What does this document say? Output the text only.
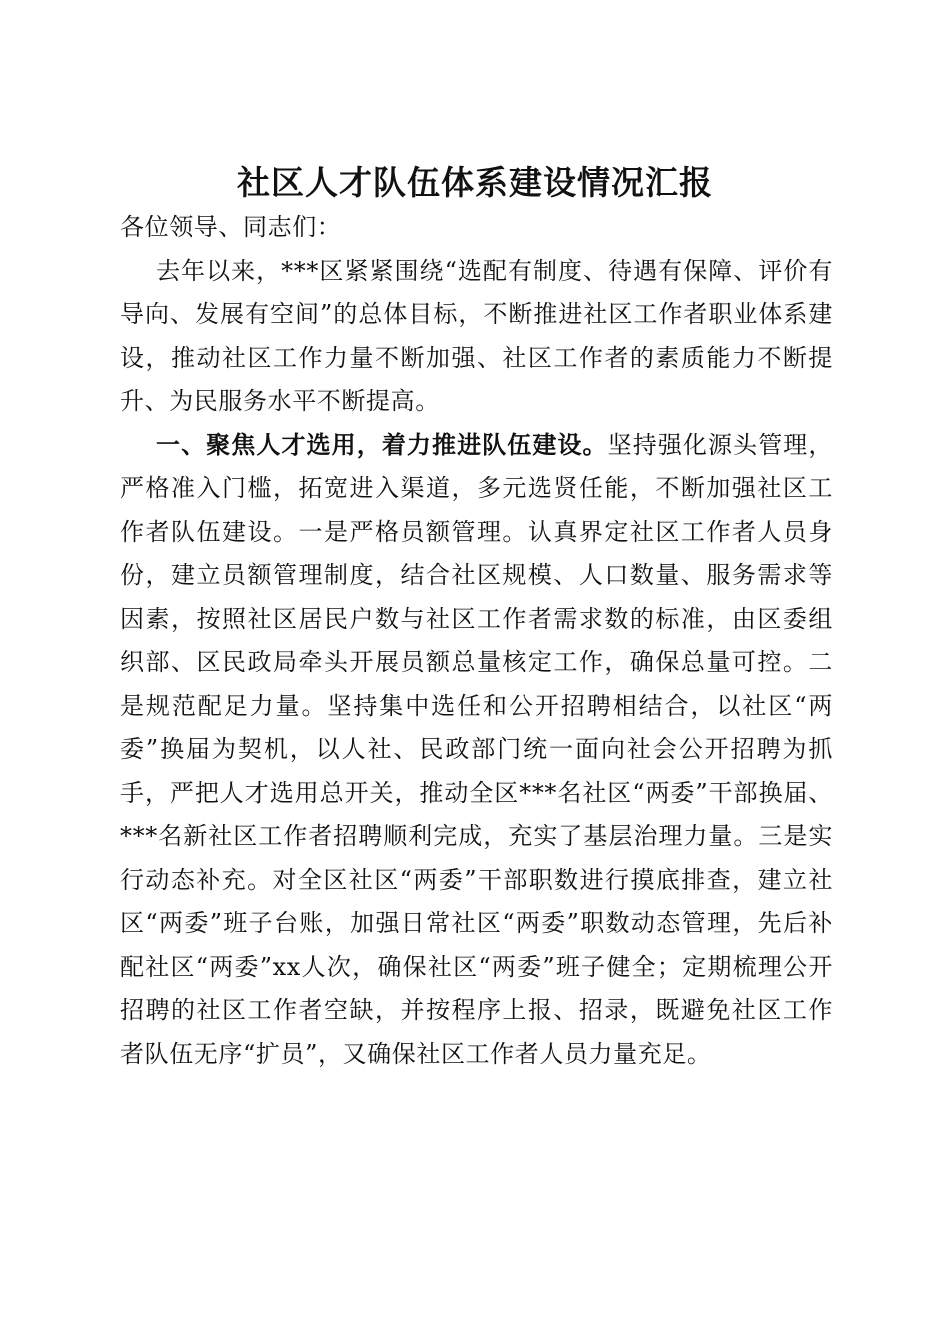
社区人才队伍体系建设情况汇报

各位领导、同志们：

去年以来，***区紧紧围绕“选配有制度、待遇有保障、评价有导向、发展有空间”的总体目标，不断推进社区工作者职业体系建设，推动社区工作力量不断加强、社区工作者的素质能力不断提升、为民服务水平不断提高。

一、聚焦人才选用，着力推进队伍建设。坚持强化源头管理，严格准入门槛，拓宽进入渠道，多元选贤任能，不断加强社区工作者队伍建设。一是严格员额管理。认真界定社区工作者人员身份，建立员额管理制度，结合社区规模、人口数量、服务需求等因素，按照社区居民户数与社区工作者需求数的标准，由区委组织部、区民政局牵头开展员额总量核定工作，确保总量可控。二是规范配足力量。坚持集中选任和公开招聘相结合，以社区“两委”换届为契机，以人社、民政部门统一面向社会公开招聘为抓手，严把人才选用总开关，推动全区***名社区“两委”干部换届、***名新社区工作者招聘顺利完成，充实了基层治理力量。三是实行动态补充。对全区社区“两委”干部职数进行摸底排查，建立社区“两委”班子台账，加强日常社区“两委”职数动态管理，先后补配社区“两委”xx人次，确保社区“两委”班子健全；定期梳理公开招聘的社区工作者空缺，并按程序上报、招录，既避免社区工作者队伍无序“扩员”，又确保社区工作者人员力量充足。
